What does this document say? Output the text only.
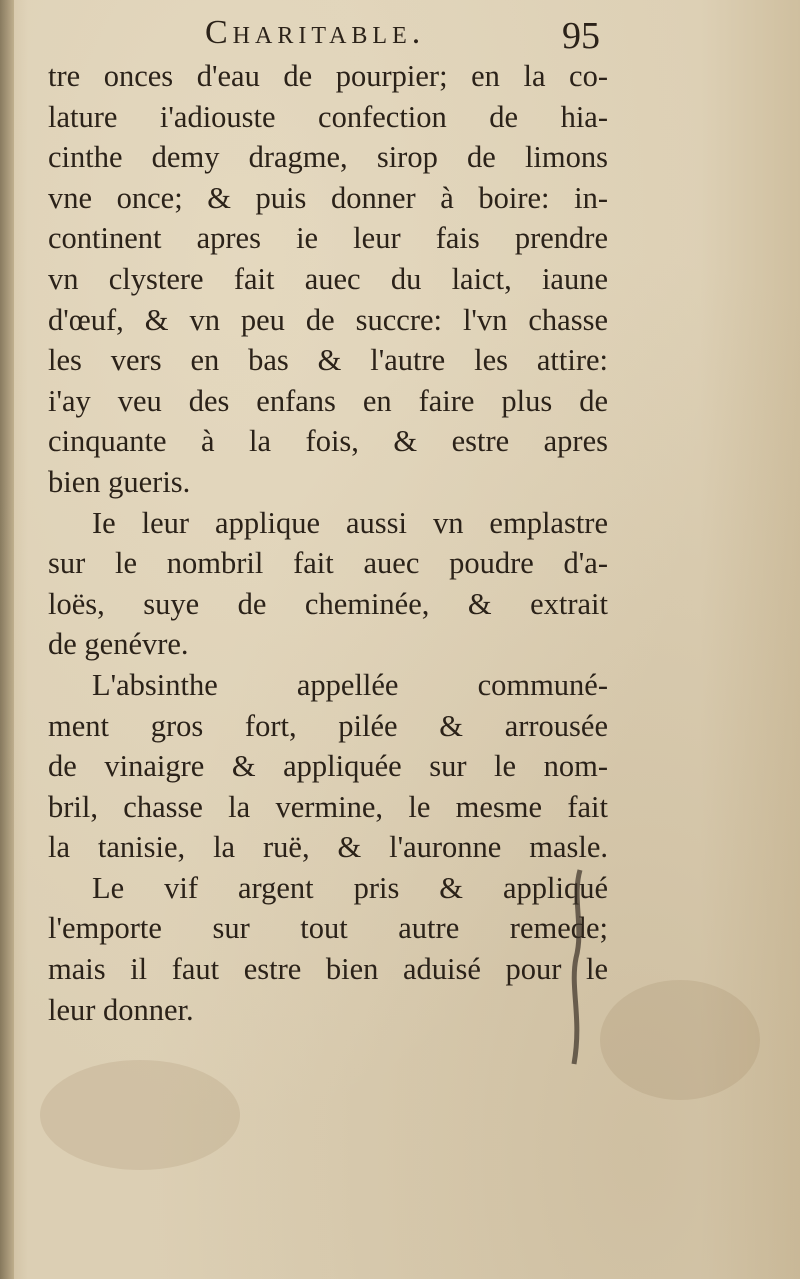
Charitable.	95
tre onces d'eau de pourpier; en la co-
lature i'adiouste confection de hia-
cinthe demy dragme, sirop de limons
vne once; & puis donner à boire: in-
continent apres ie leur fais prendre
vn clystere fait auec du laict, iaune
d'œuf, & vn peu de succre: l'vn chasse
les vers en bas & l'autre les attire:
i'ay veu des enfans en faire plus de
cinquante à la fois, & estre apres
bien gueris.
Ie leur applique aussi vn emplastre
sur le nombril fait auec poudre d'a-
loës, suye de cheminée, & extrait
de genévre.
L'absinthe appellée communé-
ment gros fort, pilée & arrousée
de vinaigre & appliquée sur le nom-
bril, chasse la vermine, le mesme fait
la tanisie, la ruë, & l'auronne masle.
Le vif argent pris & appliqué
l'emporte sur tout autre remede;
mais il faut estre bien aduisé pour le
leur donner.
